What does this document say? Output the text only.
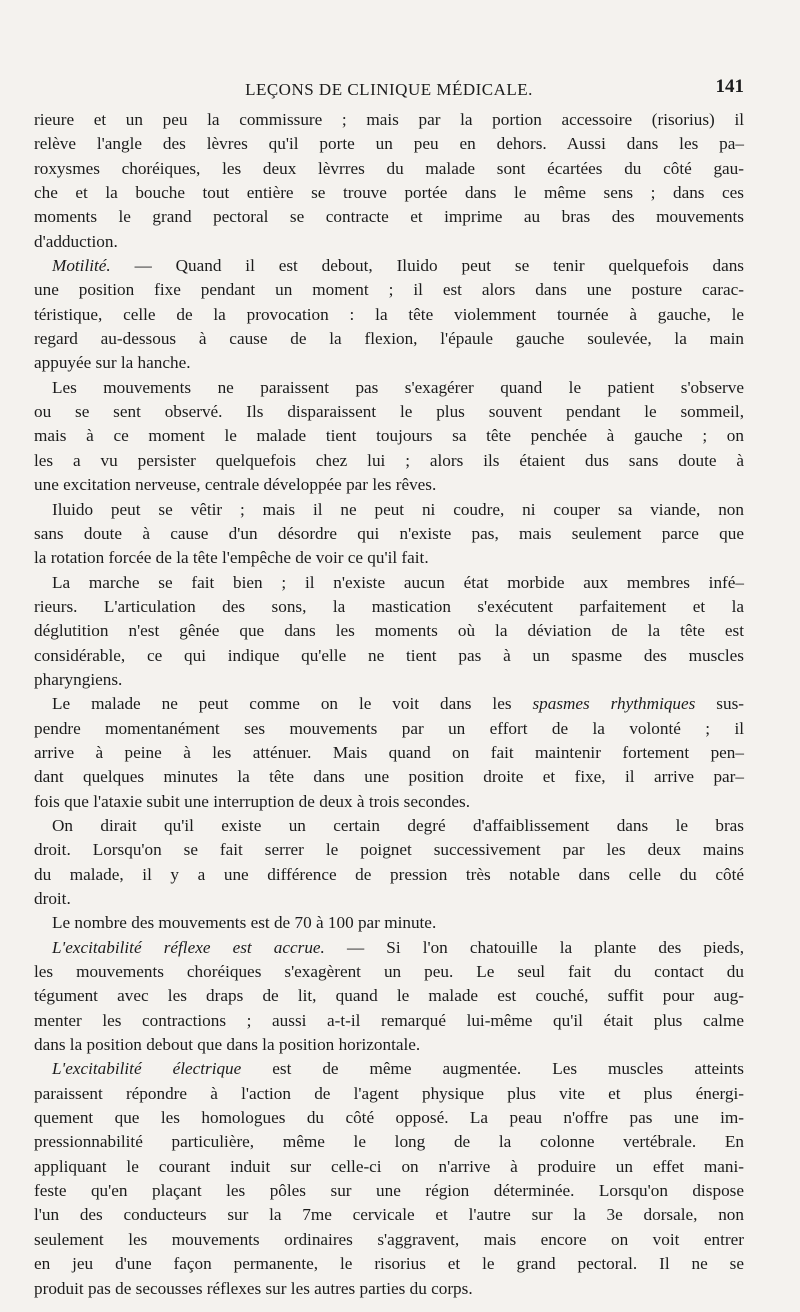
LEÇONS DE CLINIQUE MÉDICALE.	141
rieure et un peu la commissure ; mais par la portion accessoire (risorius) il
relève l'angle des lèvres qu'il porte un peu en dehors. Aussi dans les pa–
roxysmes choréiques, les deux lèvrres du malade sont écartées du côté gau-
che et la bouche tout entière se trouve portée dans le même sens ; dans ces
moments le grand pectoral se contracte et imprime au bras des mouvements
d'adduction.
Motilité. — Quand il est debout, Iluido peut se tenir quelquefois dans
une position fixe pendant un moment ; il est alors dans une posture carac-
téristique, celle de la provocation : la tête violemment tournée à gauche, le
regard au-dessous à cause de la flexion, l'épaule gauche soulevée, la main
appuyée sur la hanche.
Les mouvements ne paraissent pas s'exagérer quand le patient s'observe
ou se sent observé. Ils disparaissent le plus souvent pendant le sommeil,
mais à ce moment le malade tient toujours sa tête penchée à gauche ; on
les a vu persister quelquefois chez lui ; alors ils étaient dus sans doute à
une excitation nerveuse, centrale développée par les rêves.
Iluido peut se vêtir ; mais il ne peut ni coudre, ni couper sa viande, non
sans doute à cause d'un désordre qui n'existe pas, mais seulement parce que
la rotation forcée de la tête l'empêche de voir ce qu'il fait.
La marche se fait bien ; il n'existe aucun état morbide aux membres infé–
rieurs. L'articulation des sons, la mastication s'exécutent parfaitement et la
déglutition n'est gênée que dans les moments où la déviation de la tête est
considérable, ce qui indique qu'elle ne tient pas à un spasme des muscles
pharyngiens.
Le malade ne peut comme on le voit dans les spasmes rhythmiques sus-
pendre momentanément ses mouvements par un effort de la volonté ; il
arrive à peine à les atténuer. Mais quand on fait maintenir fortement pen–
dant quelques minutes la tête dans une position droite et fixe, il arrive par–
fois que l'ataxie subit une interruption de deux à trois secondes.
On dirait qu'il existe un certain degré d'affaiblissement dans le bras
droit. Lorsqu'on se fait serrer le poignet successivement par les deux mains
du malade, il y a une différence de pression très notable dans celle du côté
droit.
Le nombre des mouvements est de 70 à 100 par minute.
L'excitabilité réflexe est accrue. — Si l'on chatouille la plante des pieds,
les mouvements choréiques s'exagèrent un peu. Le seul fait du contact du
tégument avec les draps de lit, quand le malade est couché, suffit pour aug-
menter les contractions ; aussi a-t-il remarqué lui-même qu'il était plus calme
dans la position debout que dans la position horizontale.
L'excitabilité électrique est de même augmentée. Les muscles atteints
paraissent répondre à l'action de l'agent physique plus vite et plus énergi-
quement que les homologues du côté opposé. La peau n'offre pas une im-
pressionnabilité particulière, même le long de la colonne vertébrale. En
appliquant le courant induit sur celle-ci on n'arrive à produire un effet mani-
feste qu'en plaçant les pôles sur une région déterminée. Lorsqu'on dispose
l'un des conducteurs sur la 7me cervicale et l'autre sur la 3e dorsale, non
seulement les mouvements ordinaires s'aggravent, mais encore on voit entrer
en jeu d'une façon permanente, le risorius et le grand pectoral. Il ne se
produit pas de secousses réflexes sur les autres parties du corps.
